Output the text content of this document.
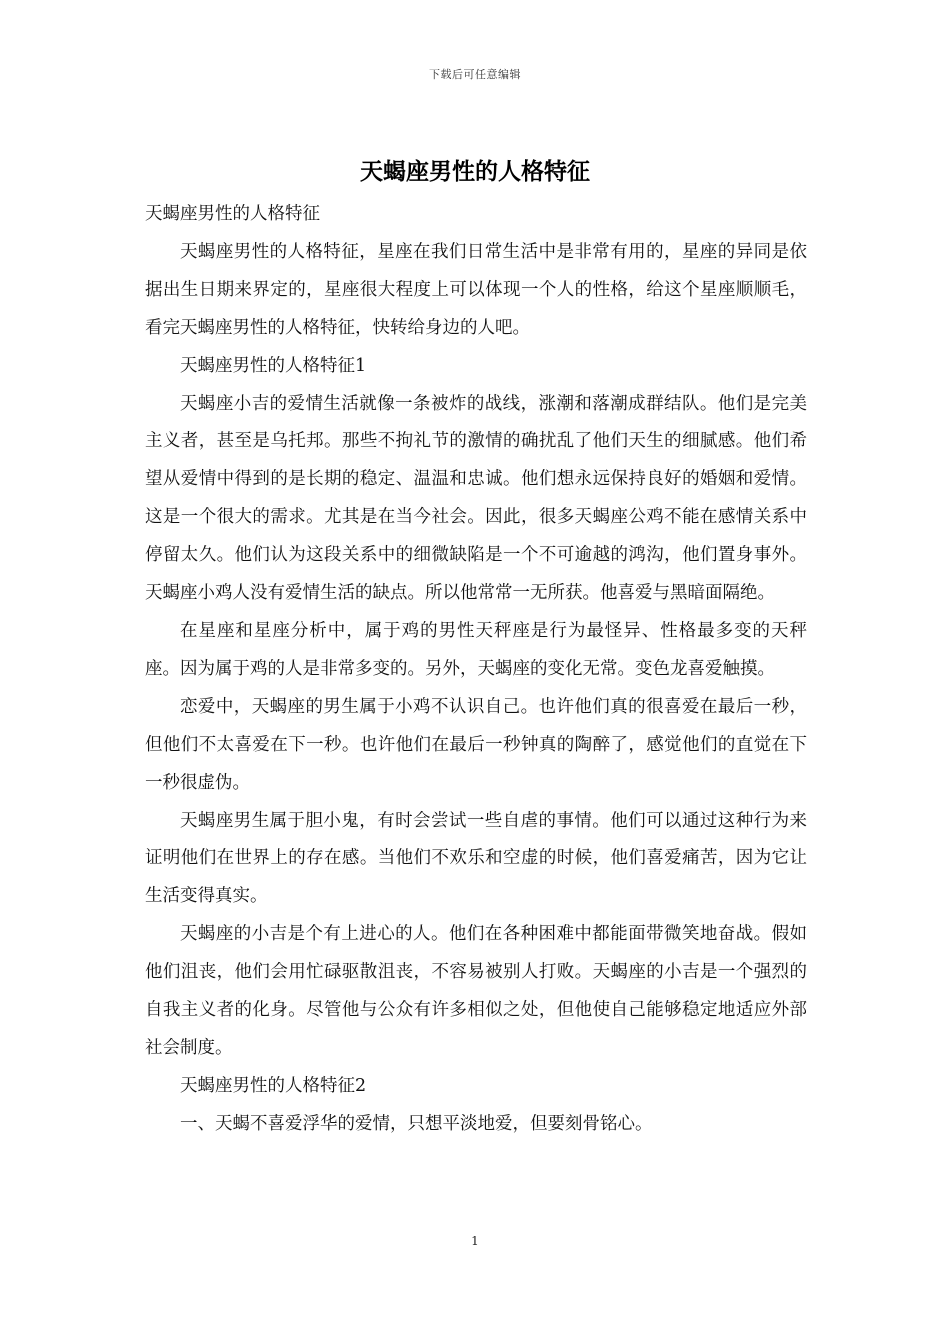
下载后可任意编辑
天蝎座男性的人格特征

天蝎座男性的人格特征

天蝎座男性的人格特征，星座在我们日常生活中是非常有用的，星座的异同是依据出生日期来界定的，星座很大程度上可以体现一个人的性格，给这个星座顺顺毛，看完天蝎座男性的人格特征，快转给身边的人吧。

天蝎座男性的人格特征1

天蝎座小吉的爱情生活就像一条被炸的战线，涨潮和落潮成群结队。他们是完美主义者，甚至是乌托邦。那些不拘礼节的激情的确扰乱了他们天生的细腻感。他们希望从爱情中得到的是长期的稳定、温温和忠诚。他们想永远保持良好的婚姻和爱情。这是一个很大的需求。尤其是在当今社会。因此，很多天蝎座公鸡不能在感情关系中停留太久。他们认为这段关系中的细微缺陷是一个不可逾越的鸿沟，他们置身事外。天蝎座小鸡人没有爱情生活的缺点。所以他常常一无所获。他喜爱与黑暗面隔绝。

在星座和星座分析中，属于鸡的男性天秤座是行为最怪异、性格最多变的天秤座。因为属于鸡的人是非常多变的。另外，天蝎座的变化无常。变色龙喜爱触摸。

恋爱中，天蝎座的男生属于小鸡不认识自己。也许他们真的很喜爱在最后一秒，但他们不太喜爱在下一秒。也许他们在最后一秒钟真的陶醉了，感觉他们的直觉在下一秒很虚伪。

天蝎座男生属于胆小鬼，有时会尝试一些自虐的事情。他们可以通过这种行为来证明他们在世界上的存在感。当他们不欢乐和空虚的时候，他们喜爱痛苦，因为它让生活变得真实。

天蝎座的小吉是个有上进心的人。他们在各种困难中都能面带微笑地奋战。假如他们沮丧，他们会用忙碌驱散沮丧，不容易被别人打败。天蝎座的小吉是一个强烈的自我主义者的化身。尽管他与公众有许多相似之处，但他使自己能够稳定地适应外部社会制度。

天蝎座男性的人格特征2

一、天蝎不喜爱浮华的爱情，只想平淡地爱，但要刻骨铭心。

1
